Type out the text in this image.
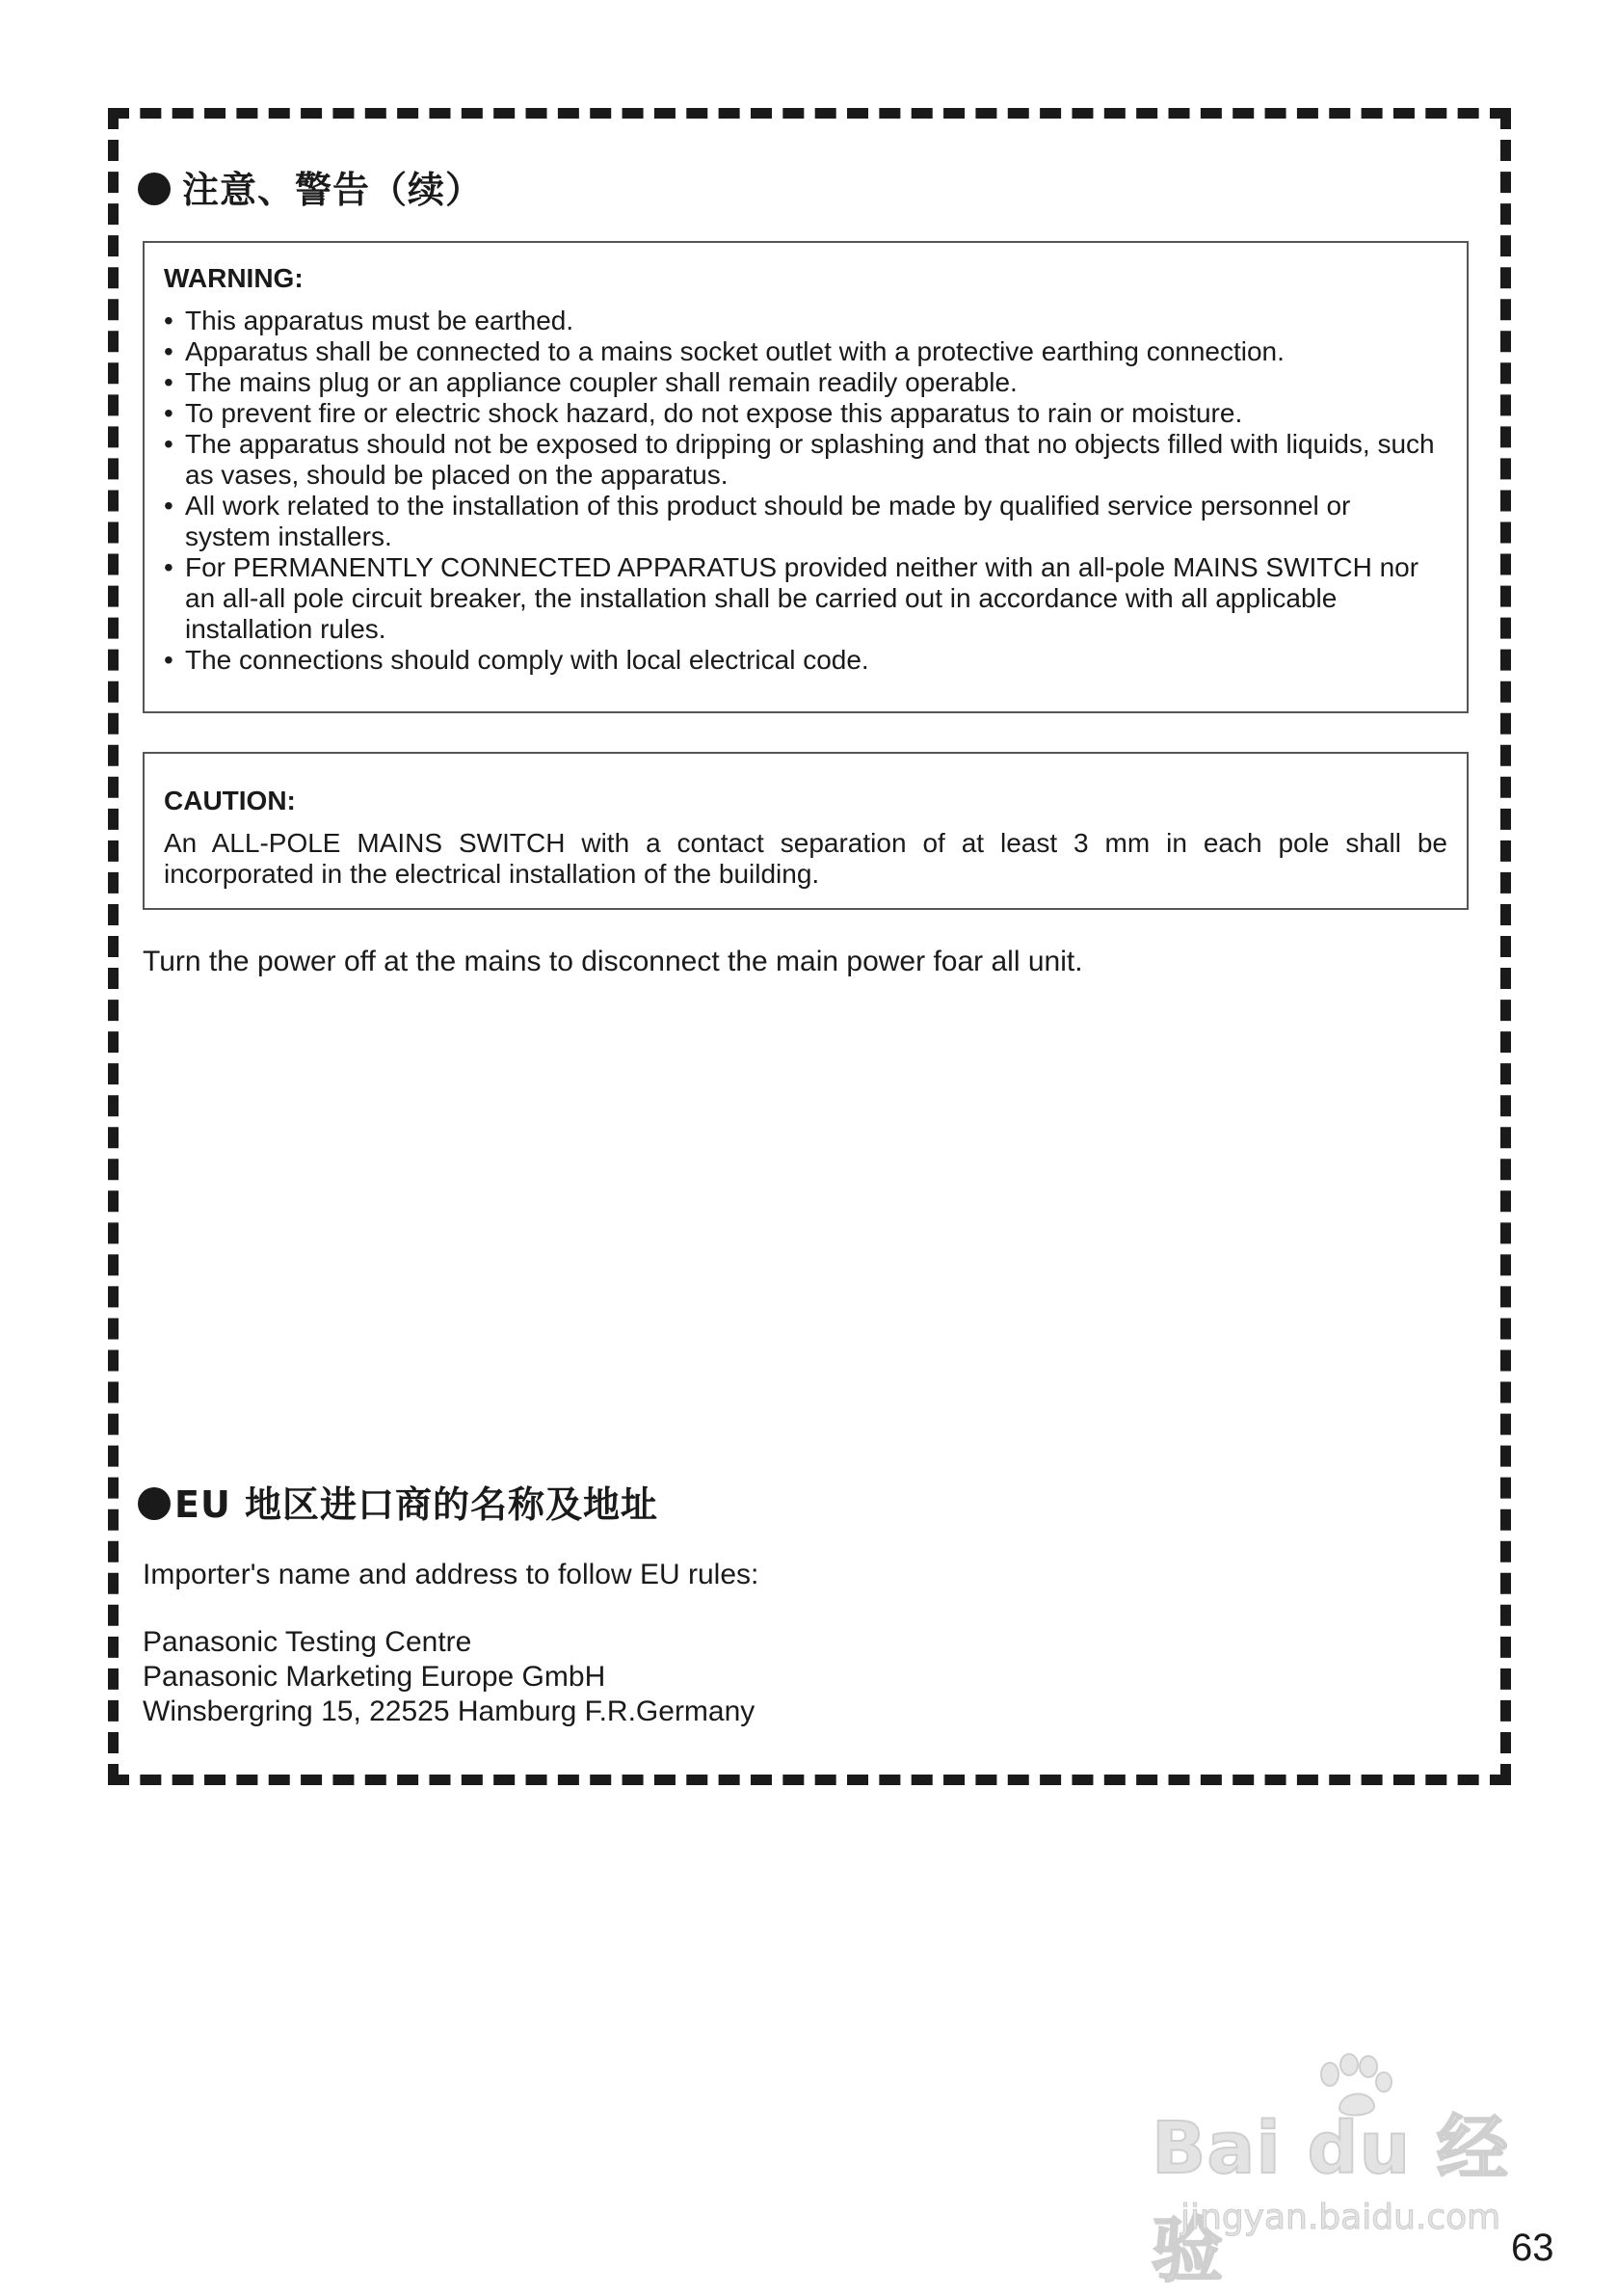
注意、警告（续）
WARNING:
• This apparatus must be earthed.
• Apparatus shall be connected to a mains socket outlet with a protective earthing connection.
• The mains plug or an appliance coupler shall remain readily operable.
• To prevent fire or electric shock hazard, do not expose this apparatus to rain or moisture.
• The apparatus should not be exposed to dripping or splashing and that no objects filled with liquids, such as vases, should be placed on the apparatus.
• All work related to the installation of this product should be made by qualified service personnel or system installers.
• For PERMANENTLY CONNECTED APPARATUS provided neither with an all-pole MAINS SWITCH nor an all-all pole circuit breaker, the installation shall be carried out in accordance with all applicable installation rules.
• The connections should comply with local electrical code.
CAUTION:

An ALL-POLE MAINS SWITCH with a contact separation of at least 3 mm in each pole shall be incorporated in the electrical installation of the building.

Turn the power off at the mains to disconnect the main power foar all unit.

EU 地区进口商的名称及地址

Importer's name and address to follow EU rules:

Panasonic Testing Centre
Panasonic Marketing Europe GmbH
Winsbergring 15, 22525 Hamburg F.R.Germany
Bai du 经验
jingyan.baidu.com
63
